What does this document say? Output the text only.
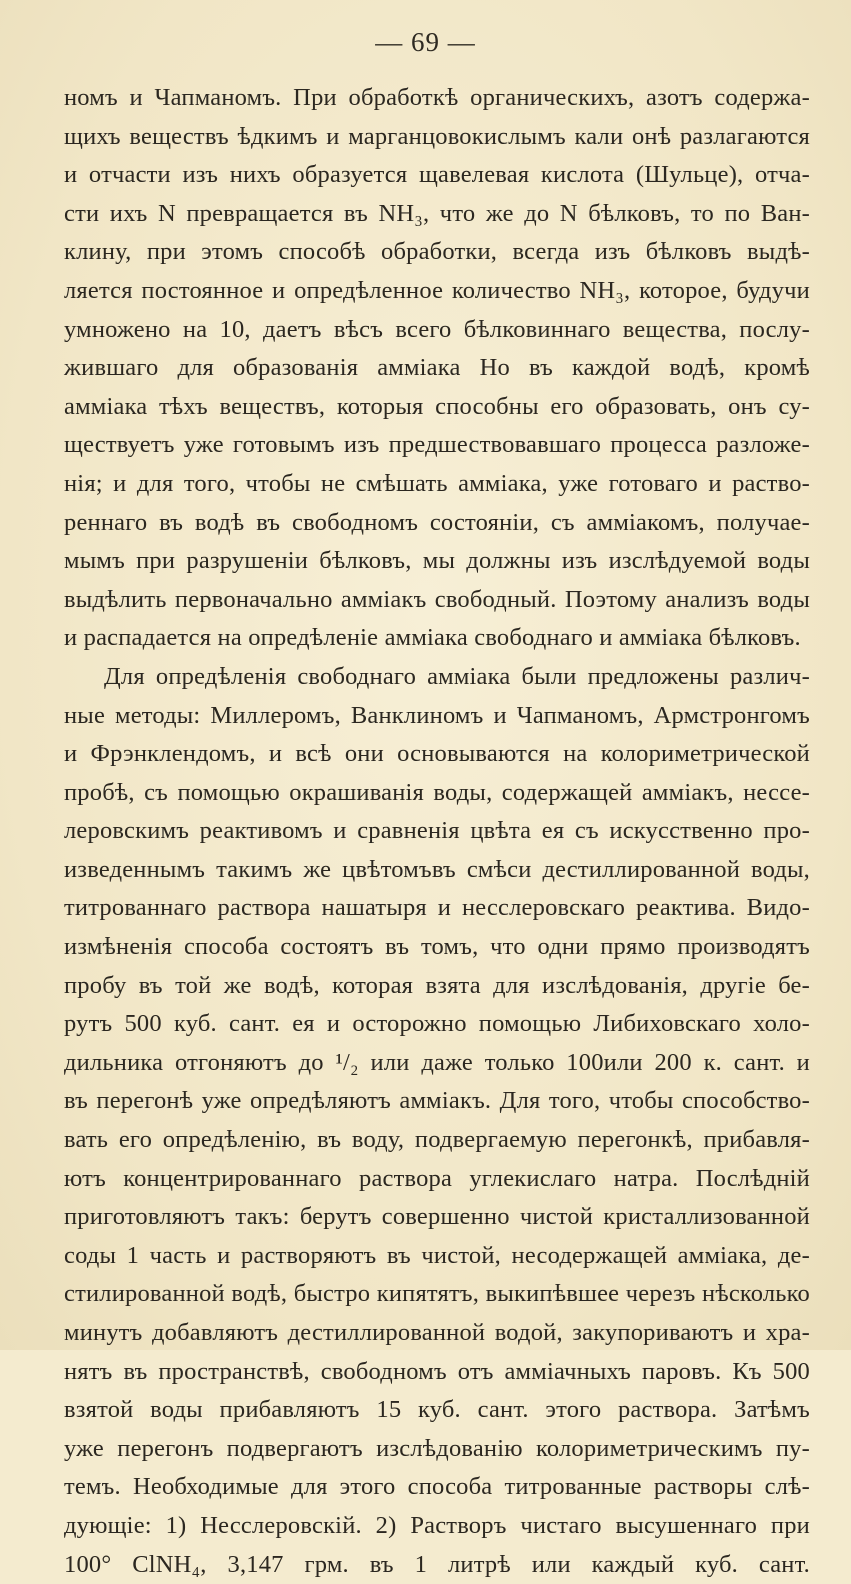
— 69 —
номъ и Чапманомъ. При обработкѣ органическихъ, азотъ содержа-
щихъ веществъ ѣдкимъ и марганцовокислымъ кали онѣ разлагаются
и отчасти изъ нихъ образуется щавелевая кислота (Шульце), отча-
сти ихъ N превращается въ NH₃, что же до N бѣлковъ, то по Ван-
клину, при этомъ способѣ обработки, всегда изъ бѣлковъ выдѣ-
ляется постоянное и опредѣленное количество NH₃, которое, будучи
умножено на 10, даетъ вѣсъ всего бѣлковиннаго вещества, послу-
жившаго для образованія амміака Но въ каждой водѣ, кромѣ
амміака тѣхъ веществъ, которыя способны его образовать, онъ су-
ществуетъ уже готовымъ изъ предшествовавшаго процесса разложе-
нія; и для того, чтобы не смѣшать амміака, уже готоваго и раство-
реннаго въ водѣ въ свободномъ состояніи, съ амміакомъ, получае-
мымъ при разрушеніи бѣлковъ, мы должны изъ изслѣдуемой воды
выдѣлить первоначально амміакъ свободный. Поэтому анализъ воды
и распадается на опредѣленіе амміака свободнаго и амміака бѣлковъ.
Для опредѣленія свободнаго амміака были предложены различ-
ные методы: Миллеромъ, Ванклиномъ и Чапманомъ, Армстронгомъ
и Фрэнклендомъ, и всѣ они основываются на колориметрической
пробѣ, съ помощью окрашиванія воды, содержащей амміакъ, нессе-
леровскимъ реактивомъ и сравненія цвѣта ея съ искусственно про-
изведеннымъ такимъ же цвѣтомъвъ смѣси дестиллированной воды,
титрованнаго раствора нашатыря и несслеровскаго реактива. Видо-
измѣненія способа состоятъ въ томъ, что одни прямо производятъ
пробу въ той же водѣ, которая взята для изслѣдованія, другіе бе-
рутъ 500 куб. сант. ея и осторожно помощью Либиховскаго холо-
дильника отгоняютъ до ¹/₂ или даже только 100или 200 к. сант. и
въ перегонѣ уже опредѣляютъ амміакъ. Для того, чтобы способство-
вать его опредѣленію, въ воду, подвергаемую перегонкѣ, прибавля-
ютъ концентрированнаго раствора углекислаго натра. Послѣдній
приготовляютъ такъ: берутъ совершенно чистой кристаллизованной
соды 1 часть и растворяютъ въ чистой, несодержащей амміака, де-
стилированной водѣ, быстро кипятятъ, выкипѣвшее черезъ нѣсколько
минутъ добавляютъ дестиллированной водой, закупориваютъ и хра-
нятъ въ пространствѣ, свободномъ отъ амміачныхъ паровъ. Къ 500
взятой воды прибавляютъ 15 куб. сант. этого раствора. Затѣмъ
уже перегонъ подвергаютъ изслѣдованію колориметрическимъ пу-
темъ. Необходимые для этого способа титрованные растворы слѣ-
дующіе: 1) Несслеровскій. 2) Растворъ чистаго высушеннаго при
100° ClNH₄, 3,147 грм. въ 1 литрѣ или каждый куб. сант.
